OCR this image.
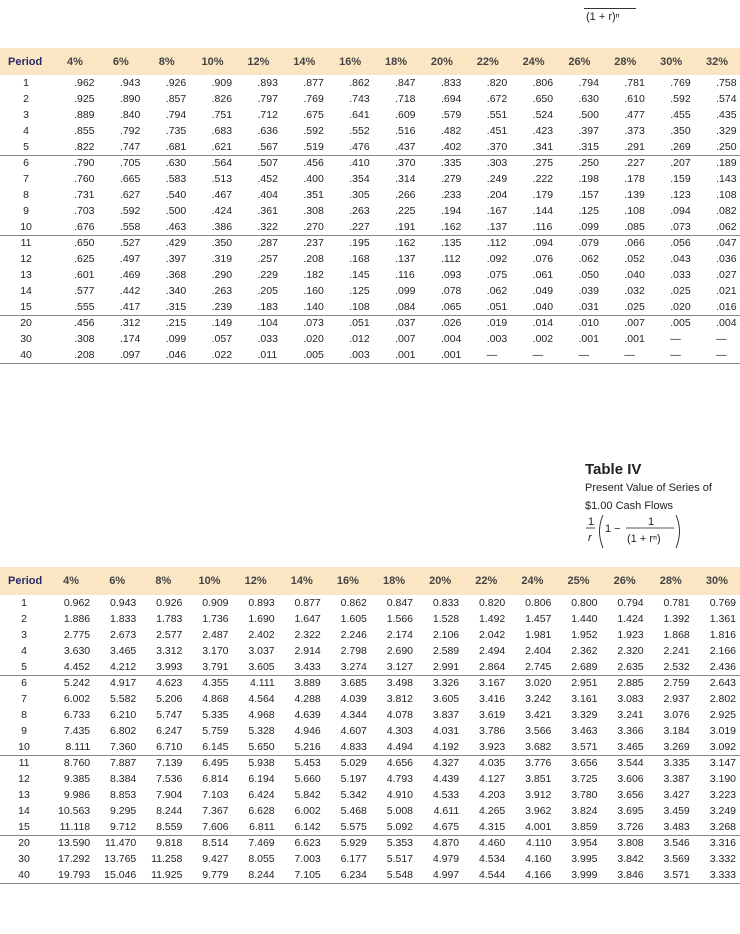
(1 + r)ⁿ
Period	4%	6%	8%	10%	12%	14%	16%	18%	20%	22%	24%	26%	28%	30%	32%
1	.962	.943	.926	.909	.893	.877	.862	.847	.833	.820	.806	.794	.781	.769	.758
2	.925	.890	.857	.826	.797	.769	.743	.718	.694	.672	.650	.630	.610	.592	.574
3	.889	.840	.794	.751	.712	.675	.641	.609	.579	.551	.524	.500	.477	.455	.435
4	.855	.792	.735	.683	.636	.592	.552	.516	.482	.451	.423	.397	.373	.350	.329
5	.822	.747	.681	.621	.567	.519	.476	.437	.402	.370	.341	.315	.291	.269	.250
6	.790	.705	.630	.564	.507	.456	.410	.370	.335	.303	.275	.250	.227	.207	.189
7	.760	.665	.583	.513	.452	.400	.354	.314	.279	.249	.222	.198	.178	.159	.143
8	.731	.627	.540	.467	.404	.351	.305	.266	.233	.204	.179	.157	.139	.123	.108
9	.703	.592	.500	.424	.361	.308	.263	.225	.194	.167	.144	.125	.108	.094	.082
10	.676	.558	.463	.386	.322	.270	.227	.191	.162	.137	.116	.099	.085	.073	.062
11	.650	.527	.429	.350	.287	.237	.195	.162	.135	.112	.094	.079	.066	.056	.047
12	.625	.497	.397	.319	.257	.208	.168	.137	.112	.092	.076	.062	.052	.043	.036
13	.601	.469	.368	.290	.229	.182	.145	.116	.093	.075	.061	.050	.040	.033	.027
14	.577	.442	.340	.263	.205	.160	.125	.099	.078	.062	.049	.039	.032	.025	.021
15	.555	.417	.315	.239	.183	.140	.108	.084	.065	.051	.040	.031	.025	.020	.016
20	.456	.312	.215	.149	.104	.073	.051	.037	.026	.019	.014	.010	.007	.005	.004
30	.308	.174	.099	.057	.033	.020	.012	.007	.004	.003	.002	.001	.001	—	—
40	.208	.097	.046	.022	.011	.005	.003	.001	.001	—	—	—	—	—	—
Table IV
Present Value of Series of
$1.00 Cash Flows
1
r
1 −
1
(1 + rⁿ)
Period	4%	6%	8%	10%	12%	14%	16%	18%	20%	22%	24%	25%	26%	28%	30%
1	0.962	0.943	0.926	0.909	0.893	0.877	0.862	0.847	0.833	0.820	0.806	0.800	0.794	0.781	0.769
2	1.886	1.833	1.783	1.736	1.690	1.647	1.605	1.566	1.528	1.492	1.457	1.440	1.424	1.392	1.361
3	2.775	2.673	2.577	2.487	2.402	2.322	2.246	2.174	2.106	2.042	1.981	1.952	1.923	1.868	1.816
4	3.630	3.465	3.312	3.170	3.037	2.914	2.798	2.690	2.589	2.494	2.404	2.362	2.320	2.241	2.166
5	4.452	4.212	3.993	3.791	3.605	3.433	3.274	3.127	2.991	2.864	2.745	2.689	2.635	2.532	2.436
6	5.242	4.917	4.623	4.355	4.111	3.889	3.685	3.498	3.326	3.167	3.020	2.951	2.885	2.759	2.643
7	6.002	5.582	5.206	4.868	4.564	4.288	4.039	3.812	3.605	3.416	3.242	3.161	3.083	2.937	2.802
8	6.733	6.210	5.747	5.335	4.968	4.639	4.344	4.078	3.837	3.619	3.421	3.329	3.241	3.076	2.925
9	7.435	6.802	6.247	5.759	5.328	4.946	4.607	4.303	4.031	3.786	3.566	3.463	3.366	3.184	3.019
10	8.111	7.360	6.710	6.145	5.650	5.216	4.833	4.494	4.192	3.923	3.682	3.571	3.465	3.269	3.092
11	8.760	7.887	7.139	6.495	5.938	5.453	5.029	4.656	4.327	4.035	3.776	3.656	3.544	3.335	3.147
12	9.385	8.384	7.536	6.814	6.194	5.660	5.197	4.793	4.439	4.127	3.851	3.725	3.606	3.387	3.190
13	9.986	8.853	7.904	7.103	6.424	5.842	5.342	4.910	4.533	4.203	3.912	3.780	3.656	3.427	3.223
14	10.563	9.295	8.244	7.367	6.628	6.002	5.468	5.008	4.611	4.265	3.962	3.824	3.695	3.459	3.249
15	11.118	9.712	8.559	7.606	6.811	6.142	5.575	5.092	4.675	4.315	4.001	3.859	3.726	3.483	3.268
20	13.590	11.470	9.818	8.514	7.469	6.623	5.929	5.353	4.870	4.460	4.110	3.954	3.808	3.546	3.316
30	17.292	13.765	11.258	9.427	8.055	7.003	6.177	5.517	4.979	4.534	4.160	3.995	3.842	3.569	3.332
40	19.793	15.046	11.925	9.779	8.244	7.105	6.234	5.548	4.997	4.544	4.166	3.999	3.846	3.571	3.333
